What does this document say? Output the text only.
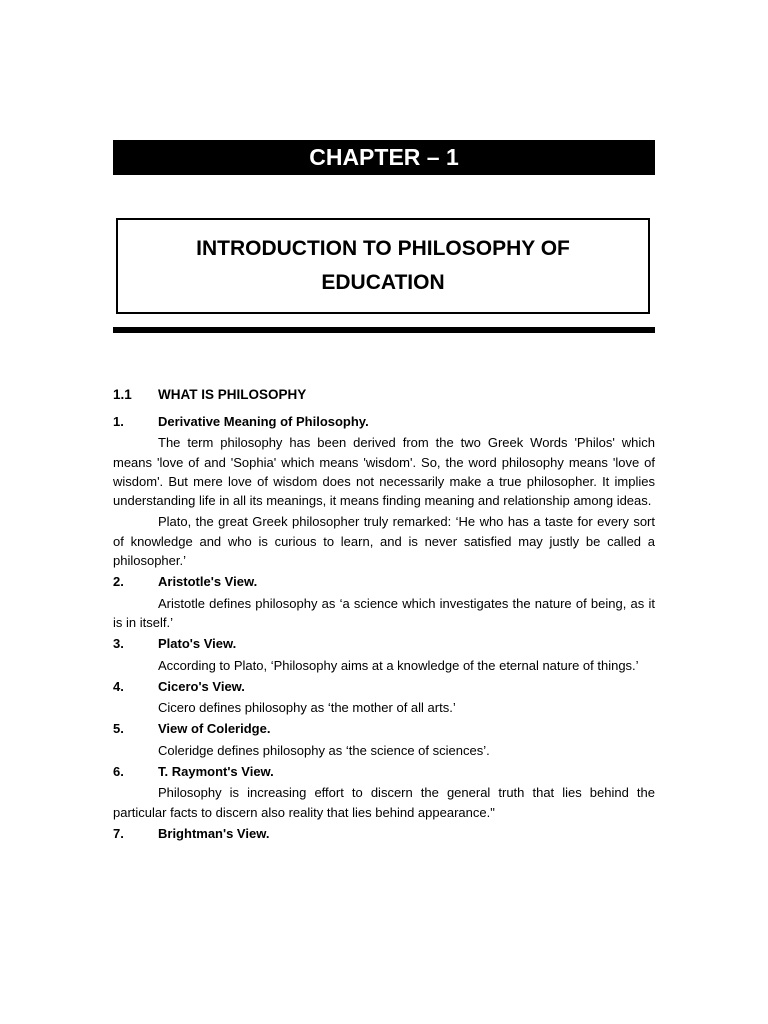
CHAPTER – 1
INTRODUCTION TO PHILOSOPHY OF
EDUCATION
1.1	WHAT IS PHILOSOPHY
1.	Derivative Meaning of Philosophy.

The term philosophy has been derived from the two Greek Words 'Philos' which means 'love of and 'Sophia' which means 'wisdom'. So, the word philosophy means 'love of wisdom'. But mere love of wisdom does not necessarily make a true philosopher. It implies understanding life in all its meanings, it means finding meaning and relationship among ideas.

Plato, the great Greek philosopher truly remarked: ‘He who has a taste for every sort of knowledge and who is curious to learn, and is never satisfied may justly be called a philosopher.’

2.	Aristotle's View.

Aristotle defines philosophy as ‘a science which investigates the nature of being, as it is in itself.’

3.	Plato's View.

According to Plato, ‘Philosophy aims at a knowledge of the eternal nature of things.’

4.	Cicero's View.

Cicero defines philosophy as ‘the mother of all arts.’

5.	View of Coleridge.

Coleridge defines philosophy as ‘the science of sciences’.

6.	T. Raymont's View.

Philosophy is increasing effort to discern the general truth that lies behind the particular facts to discern also reality that lies behind appearance."

7.	Brightman's View.
